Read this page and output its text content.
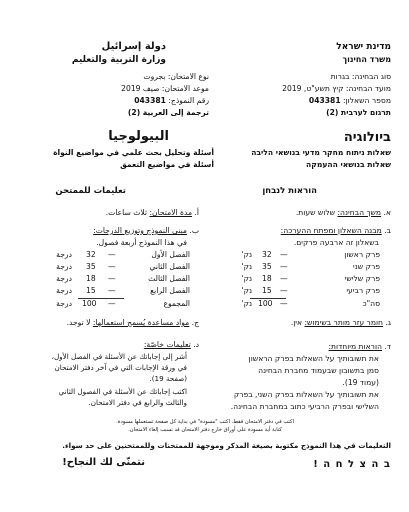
מדינת ישראל
משרד החינוך
دولة إسرائيل
وزارة التربية والتعليم
סוג הבחינה: בגרות
מועד הבחינה: קיץ תשע"ט, 2019
מספר השאלון: 043381
תרגום לערבית (2)
نوع الامتحان: بجروت
موعد الامتحان: صيف 2019
رقم النموذج: 043381
ترجمة إلى العربية (2)
ביולוגיה
שאלות ניתוח מחקר מדעי בנושאי הליבה
שאלות בנושאי ההעמקה
البيولوجيا
أسئلة وتحليل بحث علمي في مواضيع النواة
أسئلة في مواضيع التعمق
הוראות לנבחן
تعليمات للممتحن
א. משך הבחינה: שלוש שעות.
ב. מבנה השאלון ומפתח ההערכה:
בשאלון זה ארבעה פרקים.
פרק ראשון
—
32
נק'
פרק שני
—
35
נק'
פרק שלישי
—
18
נק'
פרק רביעי
—
15
נק'
סה"כ
—
100
נק'
ג. חומר עזר מותר בשימוש: אין.
ד. הוראות מיוחדות:
את תשובותיך על השאלות בפרק הראשון
סמן בתשובון שבעמוד מחברת הבחינה
(עמוד 19).
את תשובותיך על השאלות בפרק השני, בפרק
השלישי ובפרק הרביעי כתוב במחברת הבחינה.
أ. مدة الامتحان: ثلاث ساعات.
ب. مبنى النموذج وتوزيع الدرجات:
في هذا النموذج أربعة فصول.
الفصل الأول
—
32
درجة
الفصل الثاني
—
35
درجة
الفصل الثالث
—
18
درجة
الفصل الرابع
—
15
درجة
المجموع
—
100
درجة
ج. مواد مساعدة يُسمح استعمالها: لا توجد.
د. تعليمات خاصّة:
أشر إلى إجاباتك عن الأسئلة في الفصل الأول،
في ورقة الإجابات التي في آخر دفتر الامتحان
(صفحة 19).
اكتب إجاباتك عن الأسئلة في الفصول الثاني
والثالث والرابع في دفتر الامتحان.
اكتب في دفتر الامتحان فقط. اكتب "مسودة" في بداية كل صفحة تستعملها مسودة.
كتابة أية مسودة على أوراق خارج دفتر الامتحان قد تسبب إلغاء الامتحان.
التعليمات في هذا النموذج مكتوبة بصيغة المذكر وموجهة للممتحنات وللممتحنين على حد سواء.
ב ה צ ל ח ה !
نتمنّى لك النجاح!
